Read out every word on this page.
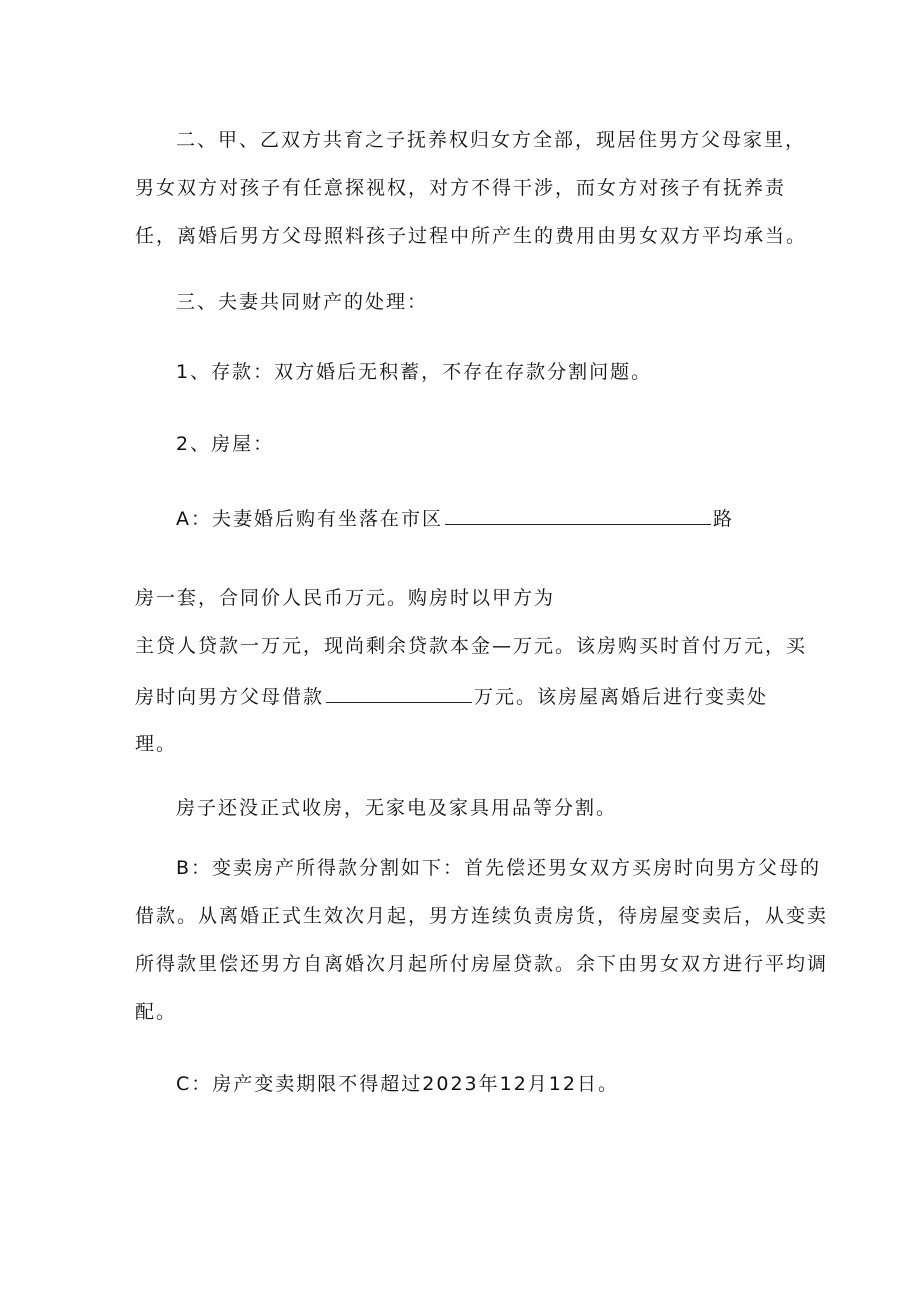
二、甲、乙双方共育之子抚养权归女方全部，现居住男方父母家里，
男女双方对孩子有任意探视权，对方不得干涉，而女方对孩子有抚养责
任，离婚后男方父母照料孩子过程中所产生的费用由男女双方平均承当。
三、夫妻共同财产的处理：
1、存款：双方婚后无积蓄，不存在存款分割问题。
2、房屋：
A：夫妻婚后购有坐落在市区	路
房一套，合同价人民币万元。购房时以甲方为
主贷人贷款一万元，现尚剩余贷款本金—万元。该房购买时首付万元，买
房时向男方父母借款	万元。该房屋离婚后进行变卖处
理。
房子还没正式收房，无家电及家具用品等分割。
B：变卖房产所得款分割如下：首先偿还男女双方买房时向男方父母的
借款。从离婚正式生效次月起，男方连续负责房货，待房屋变卖后，从变卖
所得款里偿还男方自离婚次月起所付房屋贷款。余下由男女双方进行平均调
配。
C：房产变卖期限不得超过2023年12月12日。
